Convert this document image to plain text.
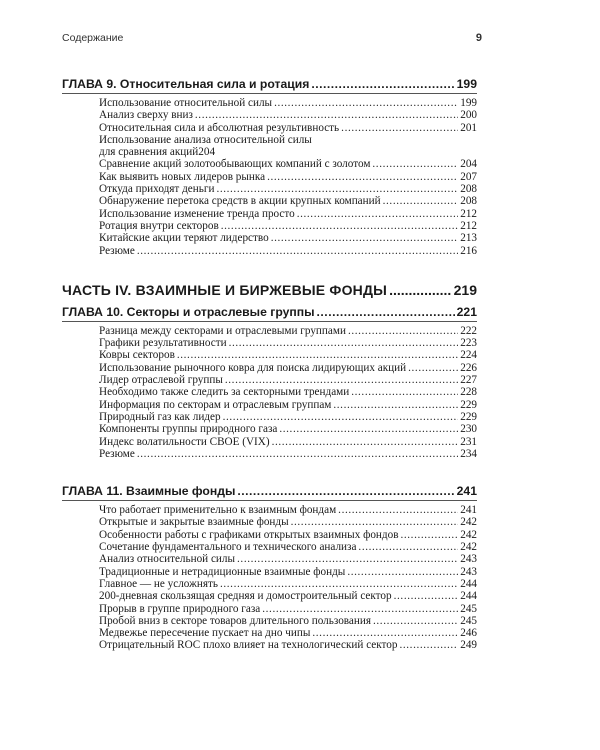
Содержание	9
ГЛАВА 9. Относительная сила и ротация .....	199
Использование относительной силы .....	199
Анализ сверху вниз .....	200
Относительная сила и абсолютная результивность .....	201
Использование анализа относительной силы
для сравнения акций 204
Сравнение акций золотообывающих компаний с золотом .....	204
Как выявить новых лидеров рынка .....	207
Откуда приходят деньги .....	208
Обнаружение перетока средств в акции крупных компаний .....	208
Использование изменение тренда просто .....	212
Ротация внутри секторов .....	212
Китайские акции теряют лидерство .....	213
Резюме .....	216
ЧАСТЬ IV. ВЗАИМНЫЕ И БИРЖЕВЫЕ ФОНДЫ .....	219
ГЛАВА 10. Секторы и отраслевые группы .....	221
Разница между секторами и отраслевыми группами .....	222
Графики результативности .....	223
Ковры секторов .....	224
Использование рыночного ковра для поиска лидирующих акций .....	226
Лидер отраслевой группы .....	227
Необходимо также следить за секторными трендами .....	228
Информация по секторам и отраслевым группам .....	229
Природный газ как лидер .....	229
Компоненты группы природного газа .....	230
Индекс волатильности CBOE (VIX) .....	231
Резюме .....	234
ГЛАВА 11. Взаимные фонды .....	241
Что работает применительно к взаимным фондам .....	241
Открытые и закрытые взаимные фонды .....	242
Особенности работы с графиками открытых взаимных фондов .....	242
Сочетание фундаментального и технического анализа .....	242
Анализ относительной силы .....	243
Традиционные и нетрадиционные взаимные фонды .....	243
Главное — не усложнять .....	244
200-дневная скользящая средняя и домостроительный сектор .....	244
Прорыв в группе природного газа .....	245
Пробой вниз в секторе товаров длительного пользования .....	245
Медвежье пересечение пускает на дно чипы .....	246
Отрицательный ROC плохо влияет на технологический сектор .....	249
